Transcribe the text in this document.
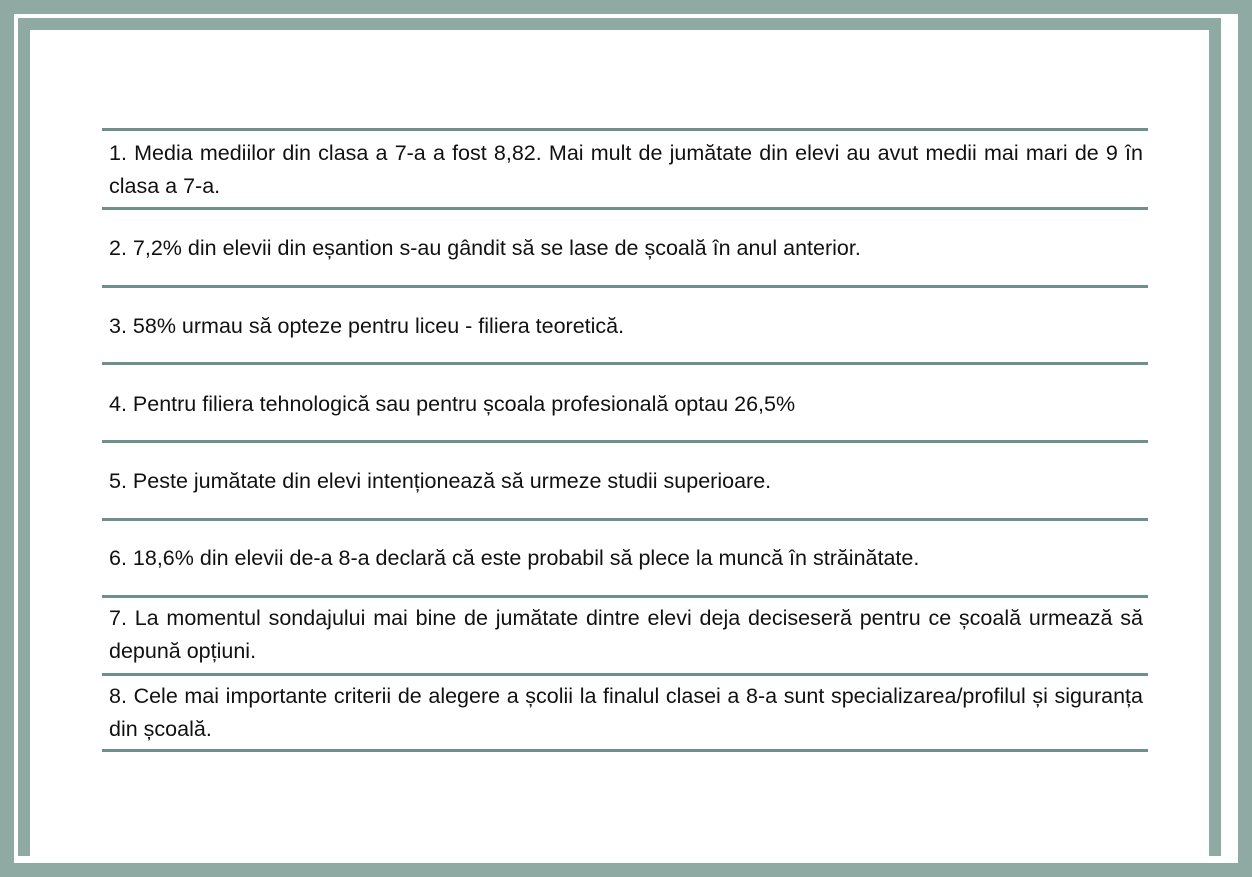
1. Media mediilor din clasa a 7-a a fost 8,82. Mai mult de jumătate din elevi au avut medii mai mari de 9 în clasa a 7-a.
2. 7,2% din elevii din eșantion s-au gândit să se lase de școală în anul anterior.
3. 58% urmau să opteze pentru liceu - filiera teoretică.
4. Pentru filiera tehnologică sau pentru școala profesională optau 26,5%
5. Peste jumătate din elevi intenționează să urmeze studii superioare.
6. 18,6% din elevii de-a 8-a declară că este probabil să plece la muncă în străinătate.
7. La momentul sondajului mai bine de jumătate dintre elevi deja deciseseră pentru ce școală urmează să depună opțiuni.
8. Cele mai importante criterii de alegere a școlii la finalul clasei a 8-a sunt specializarea/profilul și siguranța din școală.
